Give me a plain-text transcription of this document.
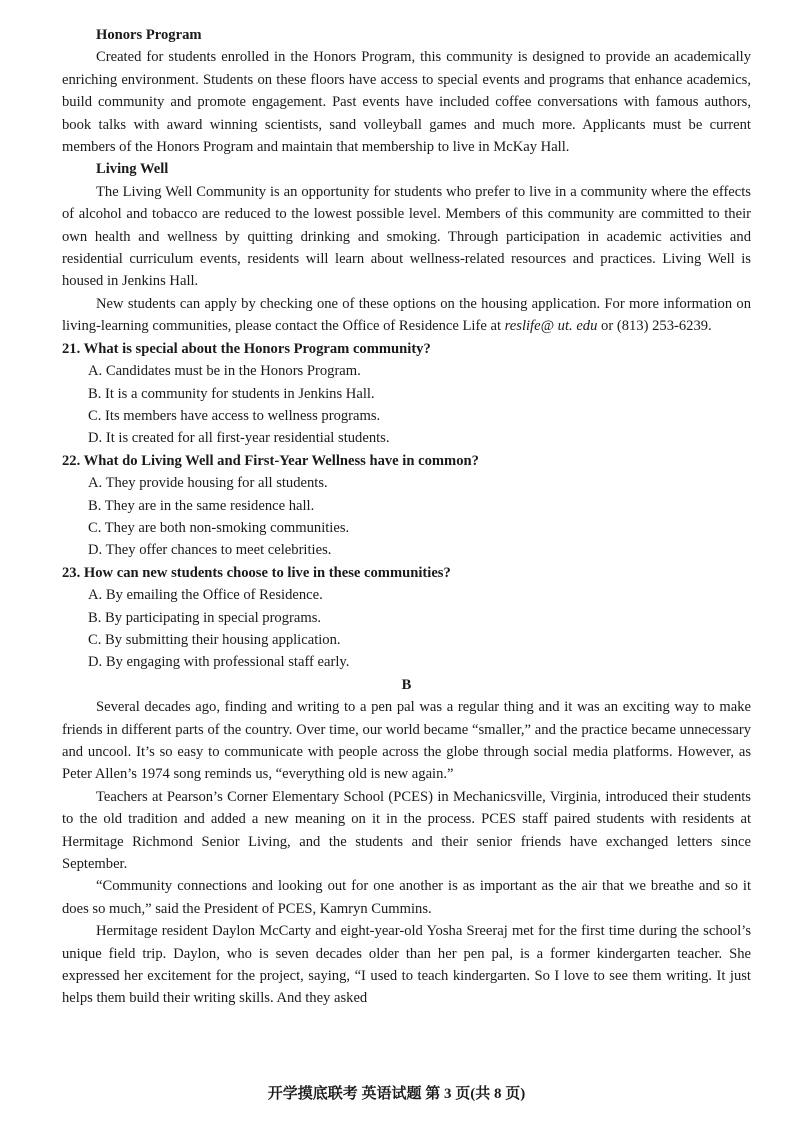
Honors Program

Created for students enrolled in the Honors Program, this community is designed to provide an academically enriching environment. Students on these floors have access to special events and programs that enhance academics, build community and promote engagement. Past events have included coffee conversations with famous authors, book talks with award winning scientists, sand volleyball games and much more. Applicants must be current members of the Honors Program and maintain that membership to live in McKay Hall.

Living Well

The Living Well Community is an opportunity for students who prefer to live in a community where the effects of alcohol and tobacco are reduced to the lowest possible level. Members of this community are committed to their own health and wellness by quitting drinking and smoking. Through participation in academic activities and residential curriculum events, residents will learn about wellness-related resources and practices. Living Well is housed in Jenkins Hall.

New students can apply by checking one of these options on the housing application. For more information on living-learning communities, please contact the Office of Residence Life at reslife@ ut. edu or (813) 253-6239.

21. What is special about the Honors Program community?

A. Candidates must be in the Honors Program.

B. It is a community for students in Jenkins Hall.

C. Its members have access to wellness programs.

D. It is created for all first-year residential students.

22. What do Living Well and First-Year Wellness have in common?

A. They provide housing for all students.

B. They are in the same residence hall.

C. They are both non-smoking communities.

D. They offer chances to meet celebrities.

23. How can new students choose to live in these communities?

A. By emailing the Office of Residence.

B. By participating in special programs.

C. By submitting their housing application.

D. By engaging with professional staff early.

B

Several decades ago, finding and writing to a pen pal was a regular thing and it was an exciting way to make friends in different parts of the country. Over time, our world became “smaller,” and the practice became unnecessary and uncool. It’s so easy to communicate with people across the globe through social media platforms. However, as Peter Allen’s 1974 song reminds us, “everything old is new again.”

Teachers at Pearson’s Corner Elementary School (PCES) in Mechanicsville, Virginia, introduced their students to the old tradition and added a new meaning on it in the process. PCES staff paired students with residents at Hermitage Richmond Senior Living, and the students and their senior friends have exchanged letters since September.

“Community connections and looking out for one another is as important as the air that we breathe and so it does so much,” said the President of PCES, Kamryn Cummins.

Hermitage resident Daylon McCarty and eight-year-old Yosha Sreeraj met for the first time during the school’s unique field trip. Daylon, who is seven decades older than her pen pal, is a former kindergarten teacher. She expressed her excitement for the project, saying, “I used to teach kindergarten. So I love to see them writing. It just helps them build their writing skills. And they asked

开学摸底联考 英语试题 第 3 页(共 8 页)
